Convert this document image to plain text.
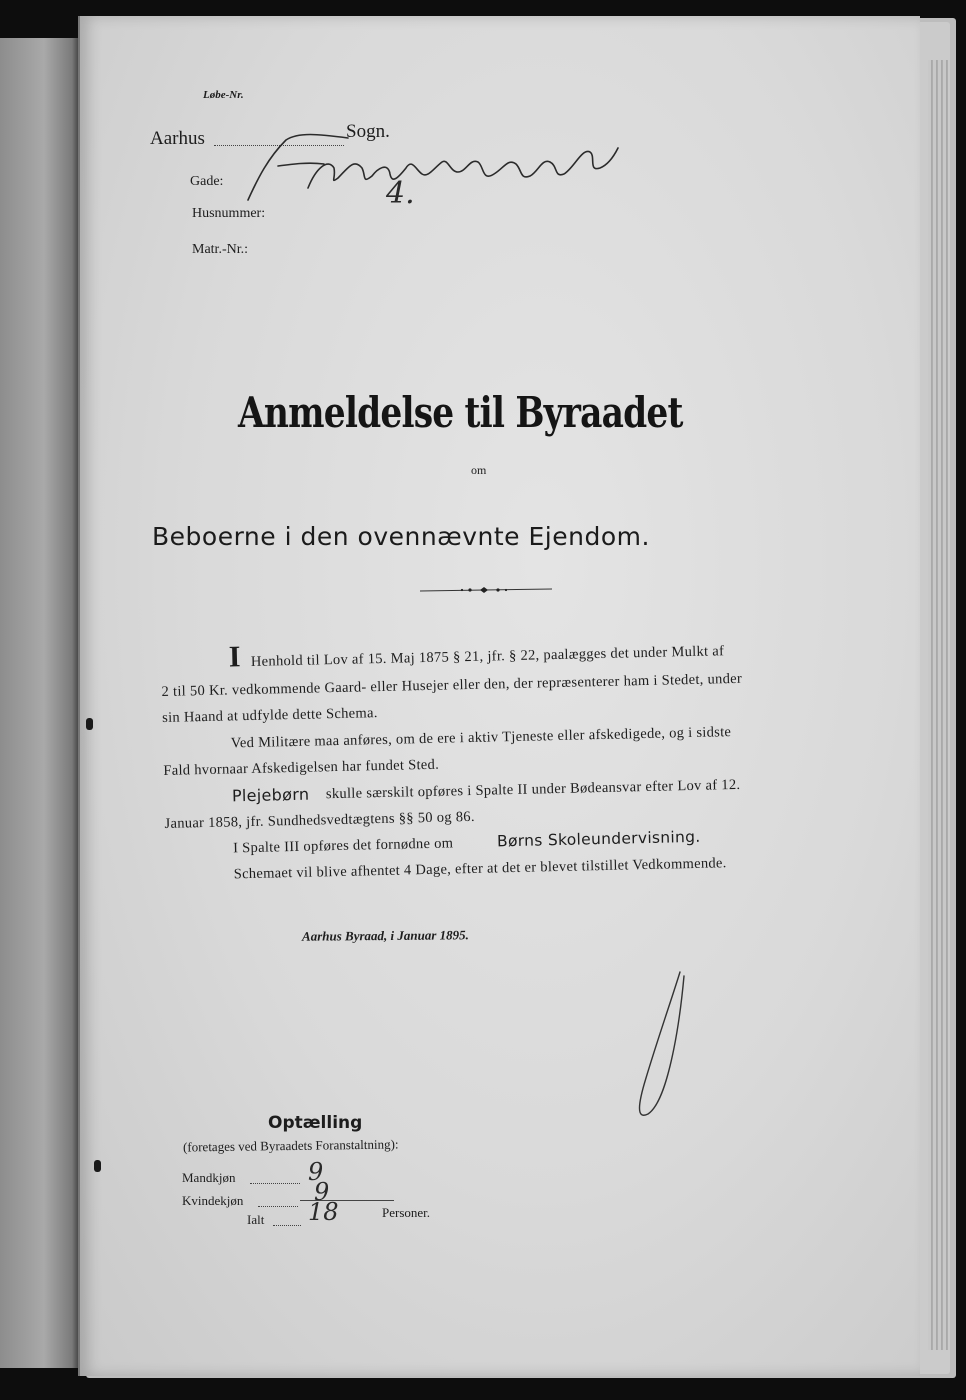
Løbe-Nr.
Aarhus	Sogn.
Gade:
Husnummer:
Matr.-Nr.:
4.
Anmeldelse til Byraadet
om
Beboerne i den ovennævnte Ejendom.
I Henhold til Lov af 15. Maj 1875 § 21, jfr. § 22, paalægges det under Mulkt af
2 til 50 Kr. vedkommende Gaard- eller Husejer eller den, der repræsenterer ham i Stedet, under
sin Haand at udfylde dette Schema.
Ved Militære maa anføres, om de ere i aktiv Tjeneste eller afskedigede, og i sidste
Fald hvornaar Afskedigelsen har fundet Sted.
Plejebørn skulle særskilt opføres i Spalte II under Bødeansvar efter Lov af 12.
Januar 1858, jfr. Sundhedsvedtægtens §§ 50 og 86.
I Spalte III opføres det fornødne om	Børns Skoleundervisning.
Schemaet vil blive afhentet 4 Dage, efter at det er blevet tilstillet Vedkommende.
Aarhus Byraad, i Januar 1895.
Optælling
(foretages ved Byraadets Foranstaltning):
Mandkjøn	9
Kvindekjøn	9
Ialt 18	Personer.
